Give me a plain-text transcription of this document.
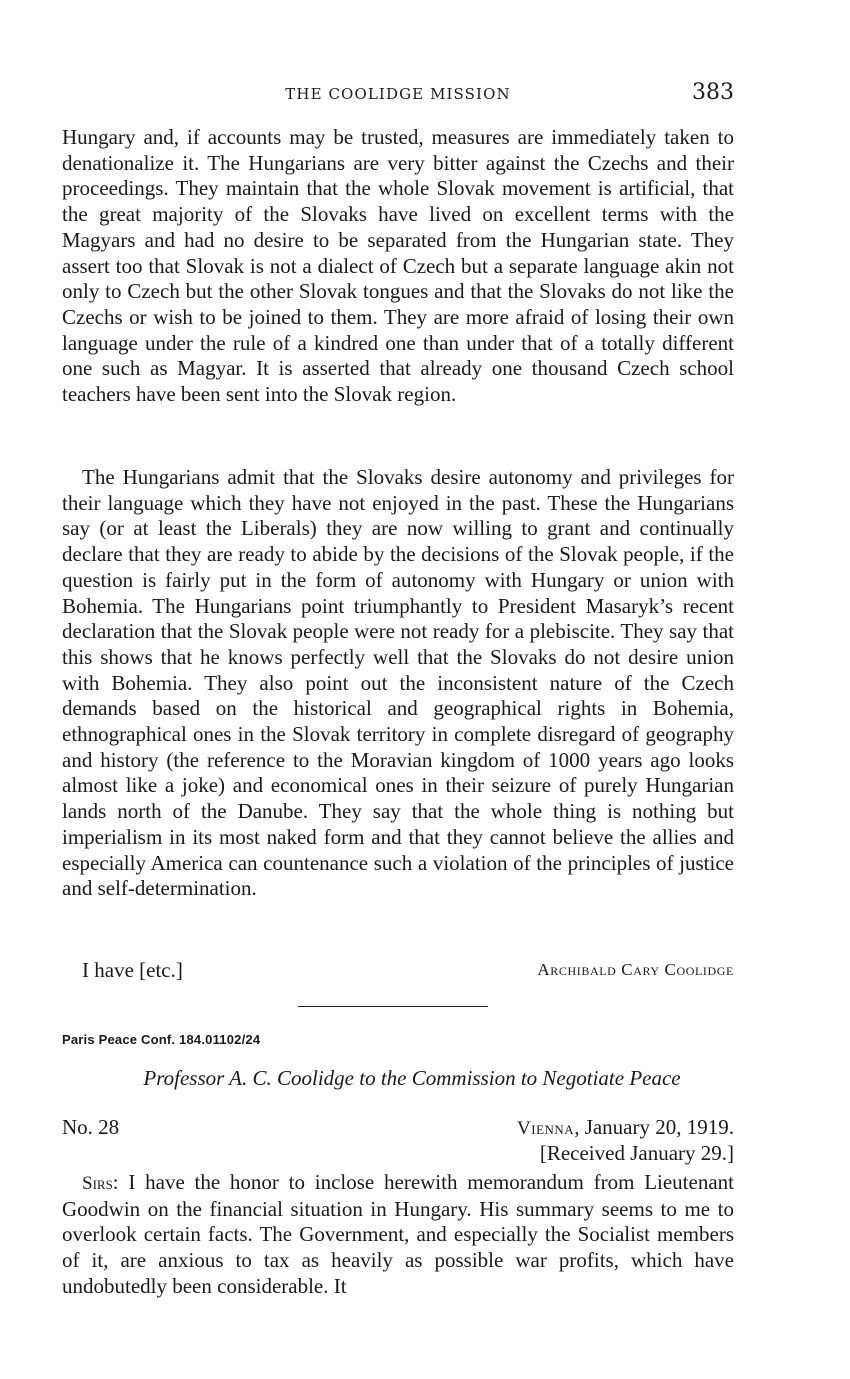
THE COOLIDGE MISSION	383

Hungary and, if accounts may be trusted, measures are immediately taken to denationalize it. The Hungarians are very bitter against the Czechs and their proceedings. They maintain that the whole Slovak movement is artificial, that the great majority of the Slovaks have lived on excellent terms with the Magyars and had no desire to be separated from the Hungarian state. They assert too that Slovak is not a dialect of Czech but a separate language akin not only to Czech but the other Slovak tongues and that the Slovaks do not like the Czechs or wish to be joined to them. They are more afraid of losing their own language under the rule of a kindred one than under that of a totally different one such as Magyar. It is asserted that already one thousand Czech school teachers have been sent into the Slovak region.

The Hungarians admit that the Slovaks desire autonomy and privileges for their language which they have not enjoyed in the past. These the Hungarians say (or at least the Liberals) they are now willing to grant and continually declare that they are ready to abide by the decisions of the Slovak people, if the question is fairly put in the form of autonomy with Hungary or union with Bohemia. The Hungarians point triumphantly to President Masaryk’s recent declaration that the Slovak people were not ready for a plebiscite. They say that this shows that he knows perfectly well that the Slovaks do not desire union with Bohemia. They also point out the inconsistent nature of the Czech demands based on the historical and geographical rights in Bohemia, ethnographical ones in the Slovak territory in complete disregard of geography and history (the reference to the Moravian kingdom of 1000 years ago looks almost like a joke) and economical ones in their seizure of purely Hungarian lands north of the Danube. They say that the whole thing is nothing but imperialism in its most naked form and that they cannot believe the allies and especially America can countenance such a violation of the principles of justice and self-determination.

I have [etc.]	Archibald Cary Coolidge
Paris Peace Conf. 184.01102/24
Professor A. C. Coolidge to the Commission to Negotiate Peace
No. 28	Vienna, January 20, 1919.
[Received January 29.]

Sirs: I have the honor to inclose herewith memorandum from Lieutenant Goodwin on the financial situation in Hungary. His summary seems to me to overlook certain facts. The Government, and especially the Socialist members of it, are anxious to tax as heavily as possible war profits, which have undobutedly been considerable. It
